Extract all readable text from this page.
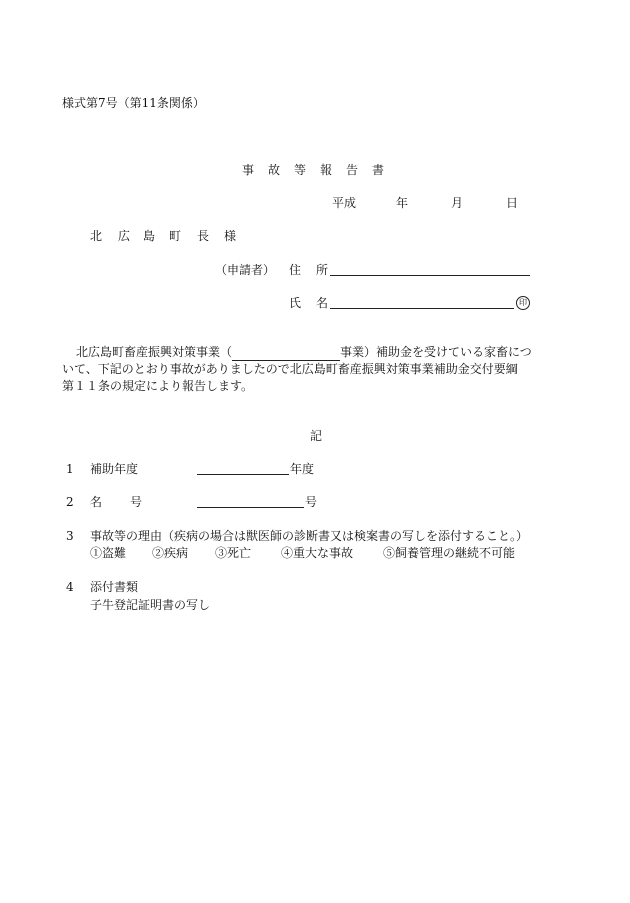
様式第7号（第11条関係）
事 故 等 報 告 書
平成	年	月	日
北 広 島 町 長 様
（申請者） 住 所
氏 名	印
北広島町畜産振興対策事業（	事業）補助金を受けている家畜につ
いて、下記のとおり事故がありましたので北広島町畜産振興対策事業補助金交付要綱
第１１条の規定により報告します。
記
1 補助年度	年度
2 名 号	号
3 事故等の理由（疾病の場合は獣医師の診断書又は検案書の写しを添付すること。）
①盗難 ②疾病 ③死亡 ④重大な事故 ⑤飼養管理の継続不可能
4 添付書類
子牛登記証明書の写し
